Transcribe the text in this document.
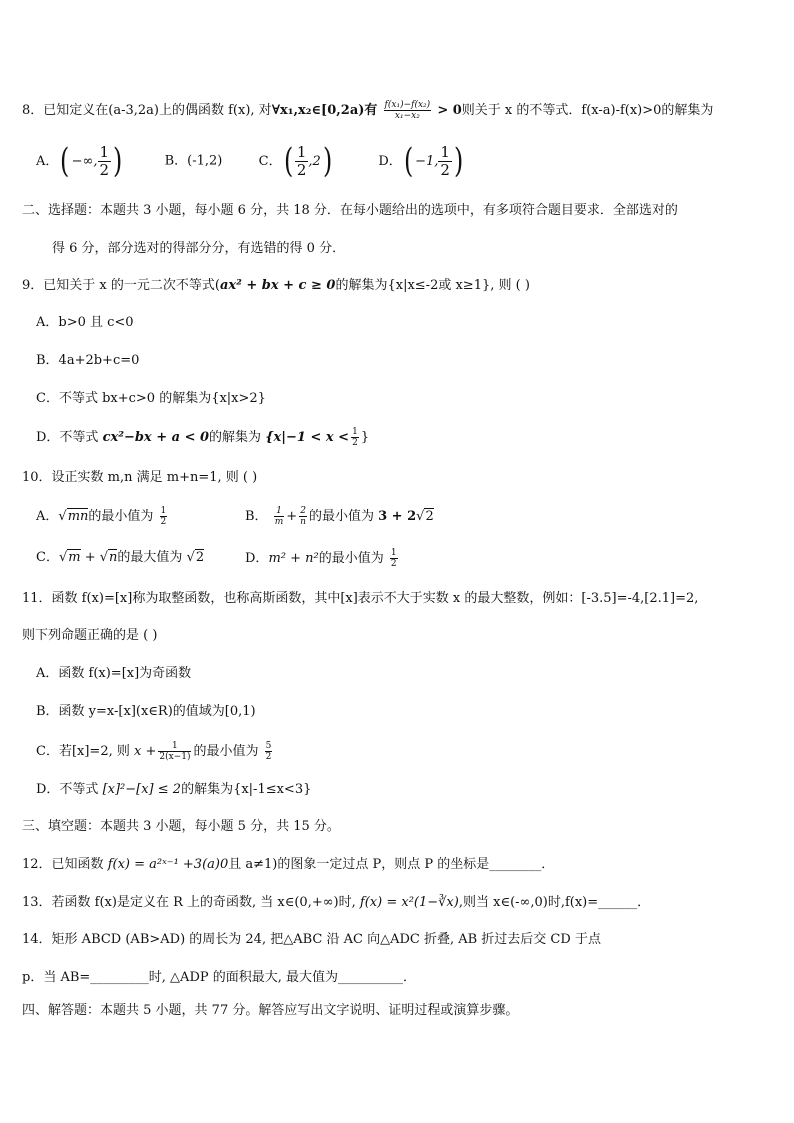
8．已知定义在(a-3,2a)上的偶函数 f(x), 对∀x₁,x₂∈[0,2a)有 $\frac{\text{f(x₁)−f(x₂)}}{\text{x₁−x₂}} > 0$则关于 x 的不等式．f(x-a)-f(x)>0的解集为
A．( −∞, $\frac{1}{2}$ )	B．(-1,2)	C．( $\frac{1}{2} ,2$)	D．( −1, $\frac{1}{2}$ )
二、选择题：本题共 3 小题，每小题 6 分，共 18 分．在每小题给出的选项中，有多项符合题目要求．全部选对的
得 6 分，部分选对的得部分分，有选错的得 0 分．
9．已知关于 x 的一元二次不等式(ax² + bx + c ≥ 0的解集为{x|x≤-2或 x≥1}, 则 ( )
A．b>0 且 c<0
B．4a+2b+c=0
C．不等式 bx+c>0 的解集为{x|x>2}
D．不等式 cx²−bx + a < 0的解集为 {$x|-1 < x < \frac{1}{2}$ }
10．设正实数 m,n 满足 m+n=1, 则 ( )
A．√mn的最小值为 $\frac{1}{2}$	B． $\frac{1}{m} + \frac{2}{n}$ 的最小值为 3 + 2√2
C．√m + √n的最大值为 √2	D．m² + n²的最小值为 $\frac{1}{2}$
11．函数 f(x)=[x]称为取整函数，也称高斯函数，其中[x]表示不大于实数 x 的最大整数，例如：[-3.5]=-4,[2.1]=2,
则下列命题正确的是 ( )
A．函数 f(x)=[x]为奇函数
B．函数 y=x-[x](x∈R)的值域为[0,1)
C．若[x]=2, 则 $x + \frac{1}{2(x-1)}$ 的最小值为 $\frac{5}{2}$
D．不等式 [x]²−[x] ≤ 2的解集为{x|-1≤x<3}
三、填空题：本题共 3 小题，每小题 5 分，共 15 分。
12．已知函数 f(x) = a²ˣ⁻¹ +3(a)0且 a≠1)的图象一定过点 P，则点 P 的坐标是________．
13．若函数 f(x)是定义在 R 上的奇函数, 当 x∈(0,+∞)时, f(x) = x²(1−∛x),则当 x∈(-∞,0)时,f(x)=______．
14．矩形 ABCD (AB>AD) 的周长为 24, 把△ABC 沿 AC 向△ADC 折叠, AB 折过去后交 CD 于点
p．当 AB=_________时, △ADP 的面积最大, 最大值为__________．
四、解答题：本题共 5 小题，共 77 分。解答应写出文字说明、证明过程或演算步骤。
